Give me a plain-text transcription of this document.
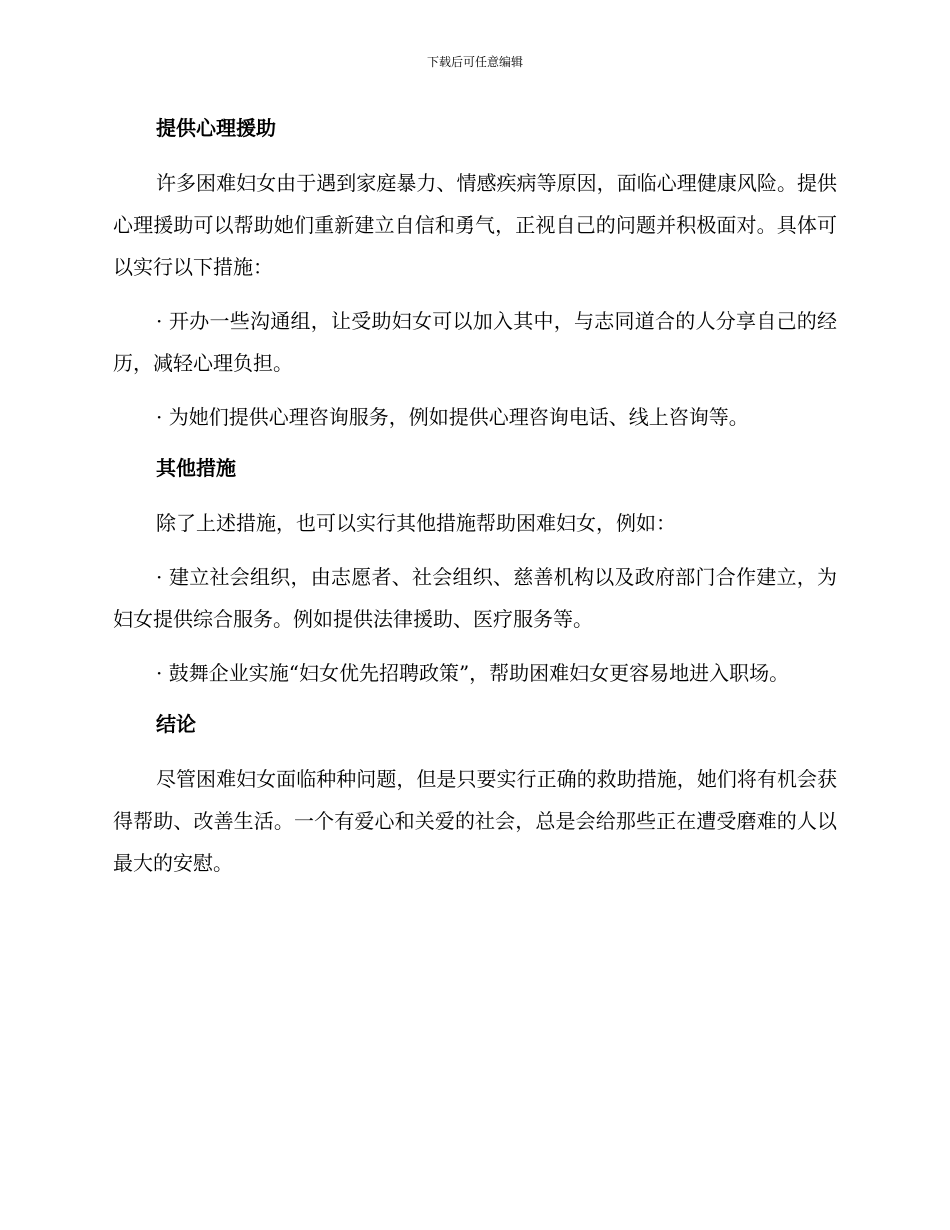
下载后可任意编辑
提供心理援助

许多困难妇女由于遇到家庭暴力、情感疾病等原因，面临心理健康风险。提供心理援助可以帮助她们重新建立自信和勇气，正视自己的问题并积极面对。具体可以实行以下措施：

· 开办一些沟通组，让受助妇女可以加入其中，与志同道合的人分享自己的经历，减轻心理负担。

· 为她们提供心理咨询服务，例如提供心理咨询电话、线上咨询等。

其他措施

除了上述措施，也可以实行其他措施帮助困难妇女，例如：

· 建立社会组织，由志愿者、社会组织、慈善机构以及政府部门合作建立，为妇女提供综合服务。例如提供法律援助、医疗服务等。

· 鼓舞企业实施“妇女优先招聘政策”，帮助困难妇女更容易地进入职场。

结论

尽管困难妇女面临种种问题，但是只要实行正确的救助措施，她们将有机会获得帮助、改善生活。一个有爱心和关爱的社会，总是会给那些正在遭受磨难的人以最大的安慰。
